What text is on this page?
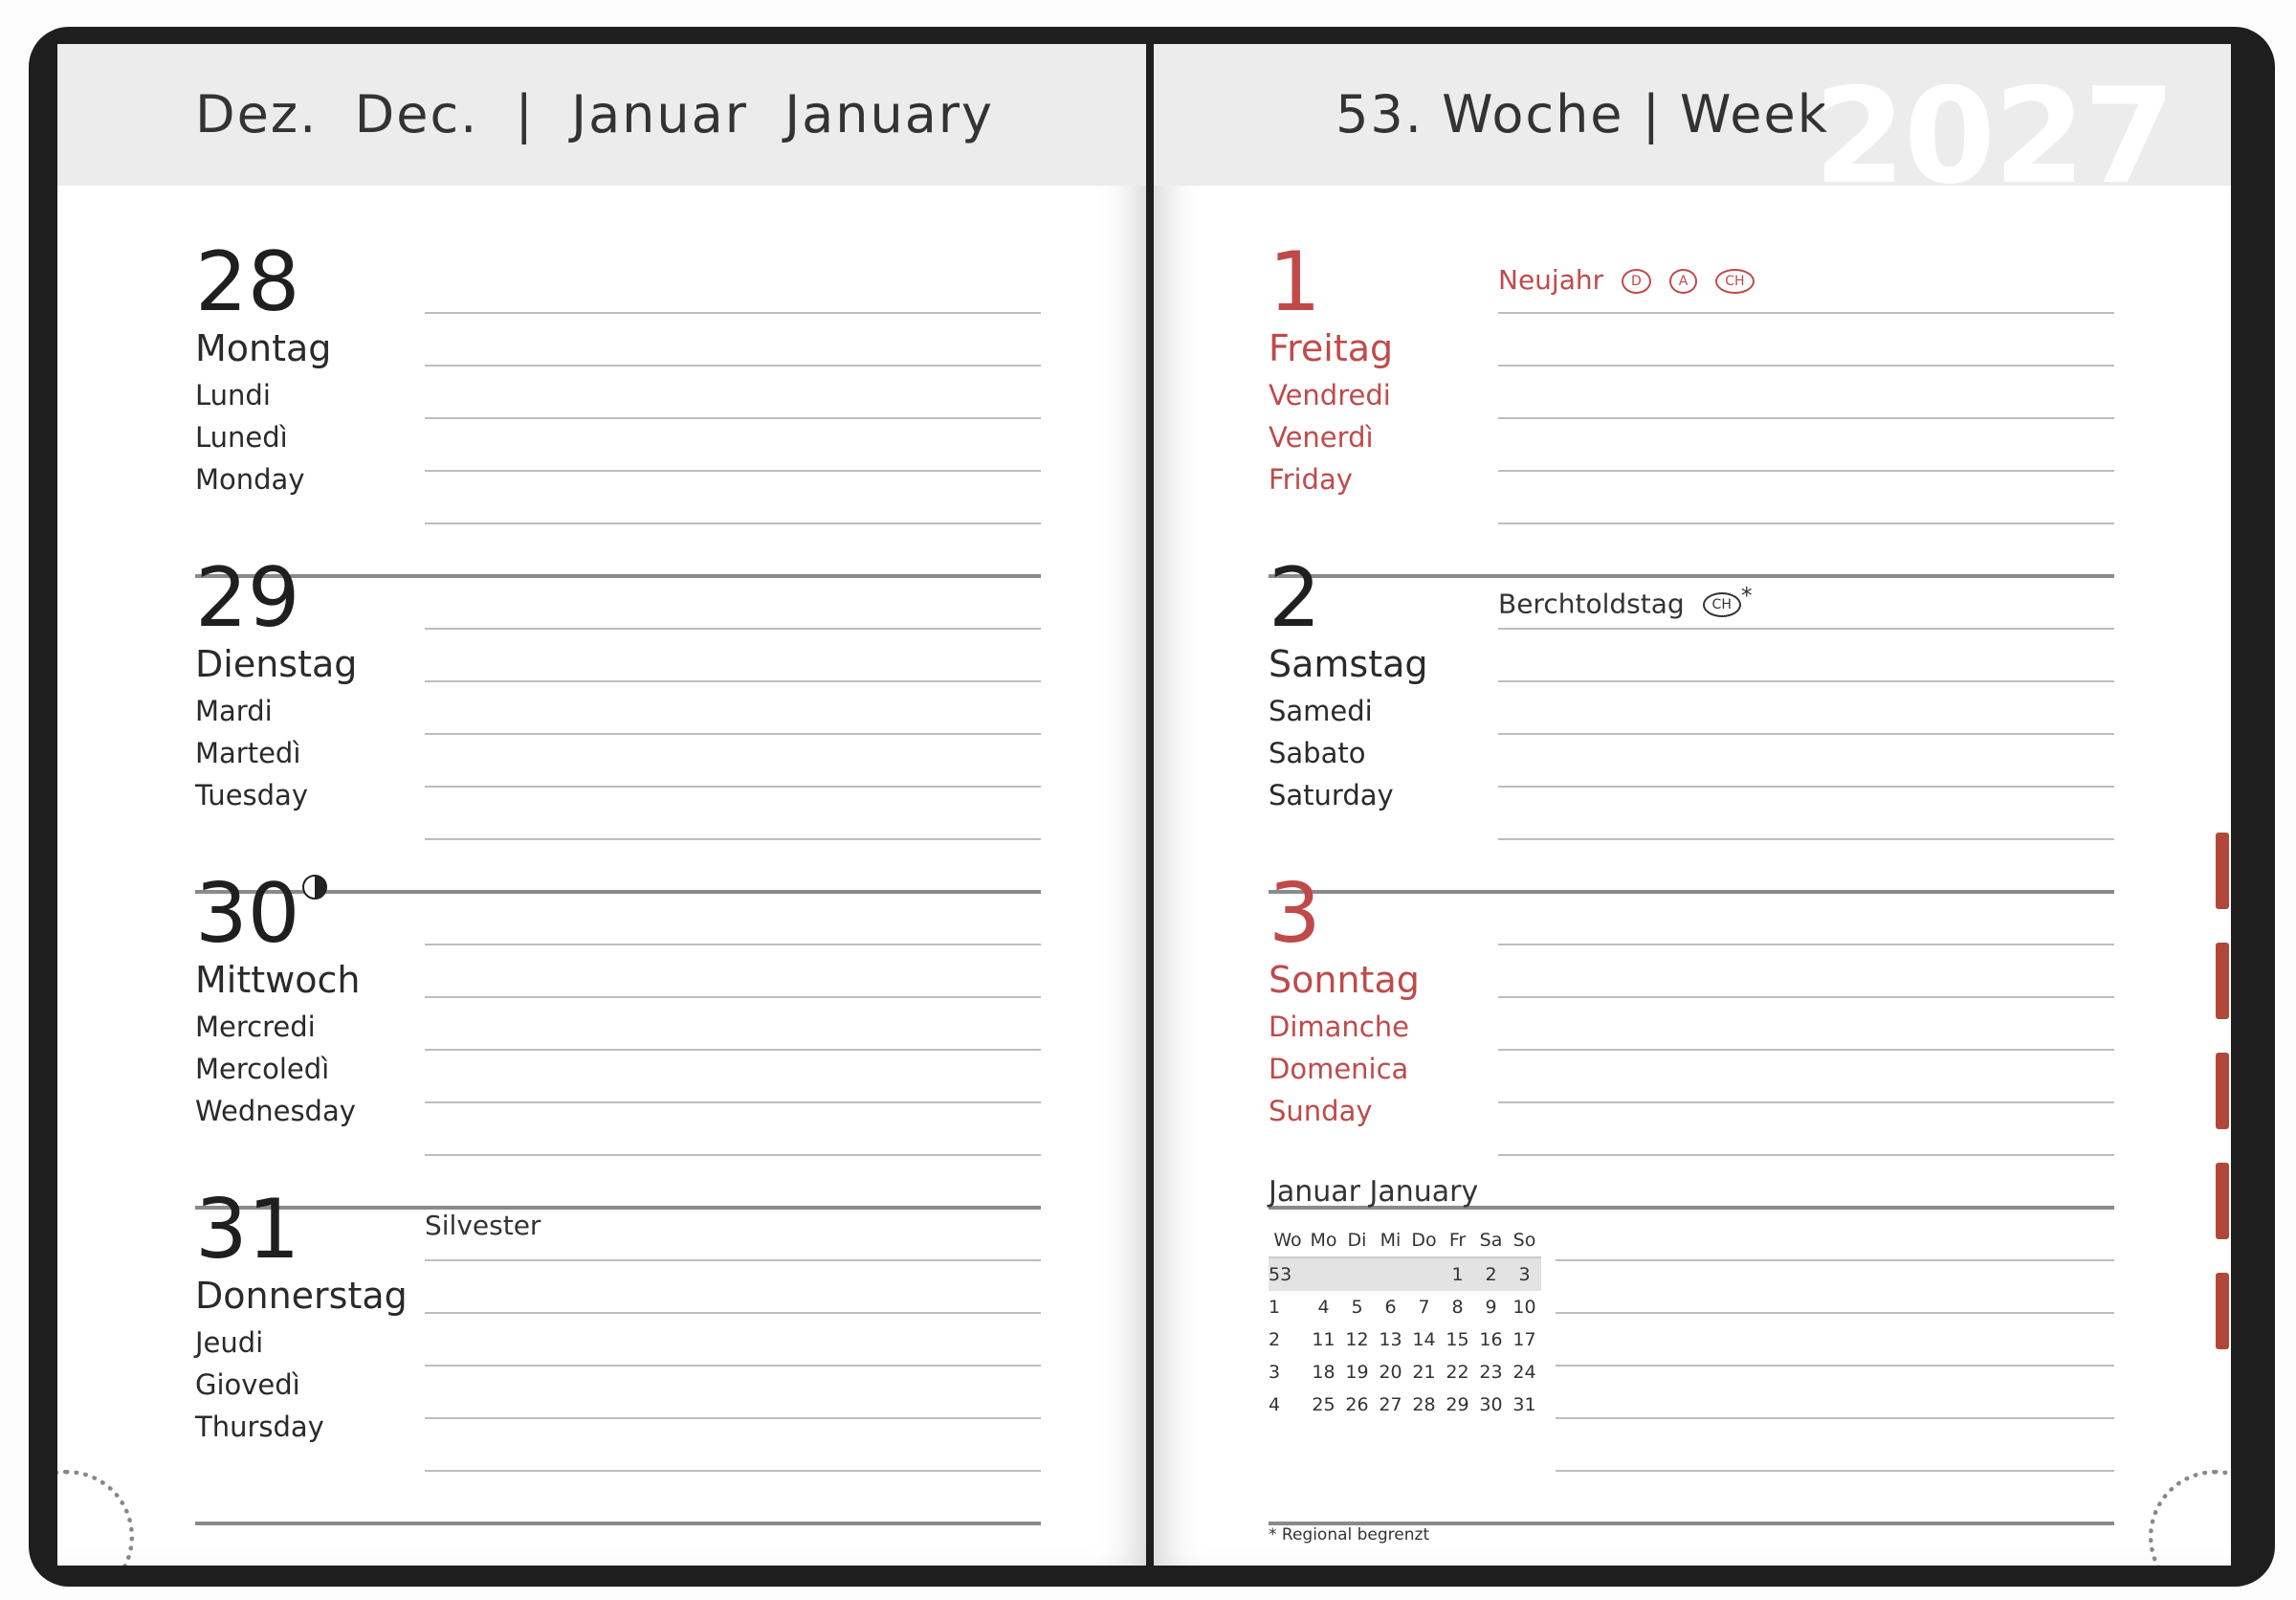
Dez.  Dec.  |  Januar  January
28
Montag
Lundi
Lunedì
Monday
29
Dienstag
Mardi
Martedì
Tuesday
30
Mittwoch
Mercredi
Mercoledì
Wednesday
31	Silvester
Donnerstag
Jeudi
Giovedì
Thursday
53. Woche | Week
2027
1	Neujahr D	A	CH
Freitag
Vendredi
Venerdì
Friday
2	Berchtoldstag CH *
Samstag
Samedi
Sabato
Saturday
3
Sonntag
Dimanche
Domenica
Sunday
Januar January
Wo	Mo	Di	Mi	Do	Fr	Sa	So
53					1	2	3
1	4	5	6	7	8	9	10
2	11	12	13	14	15	16	17
3	18	19	20	21	22	23	24
4	25	26	27	28	29	30	31
* Regional begrenzt
